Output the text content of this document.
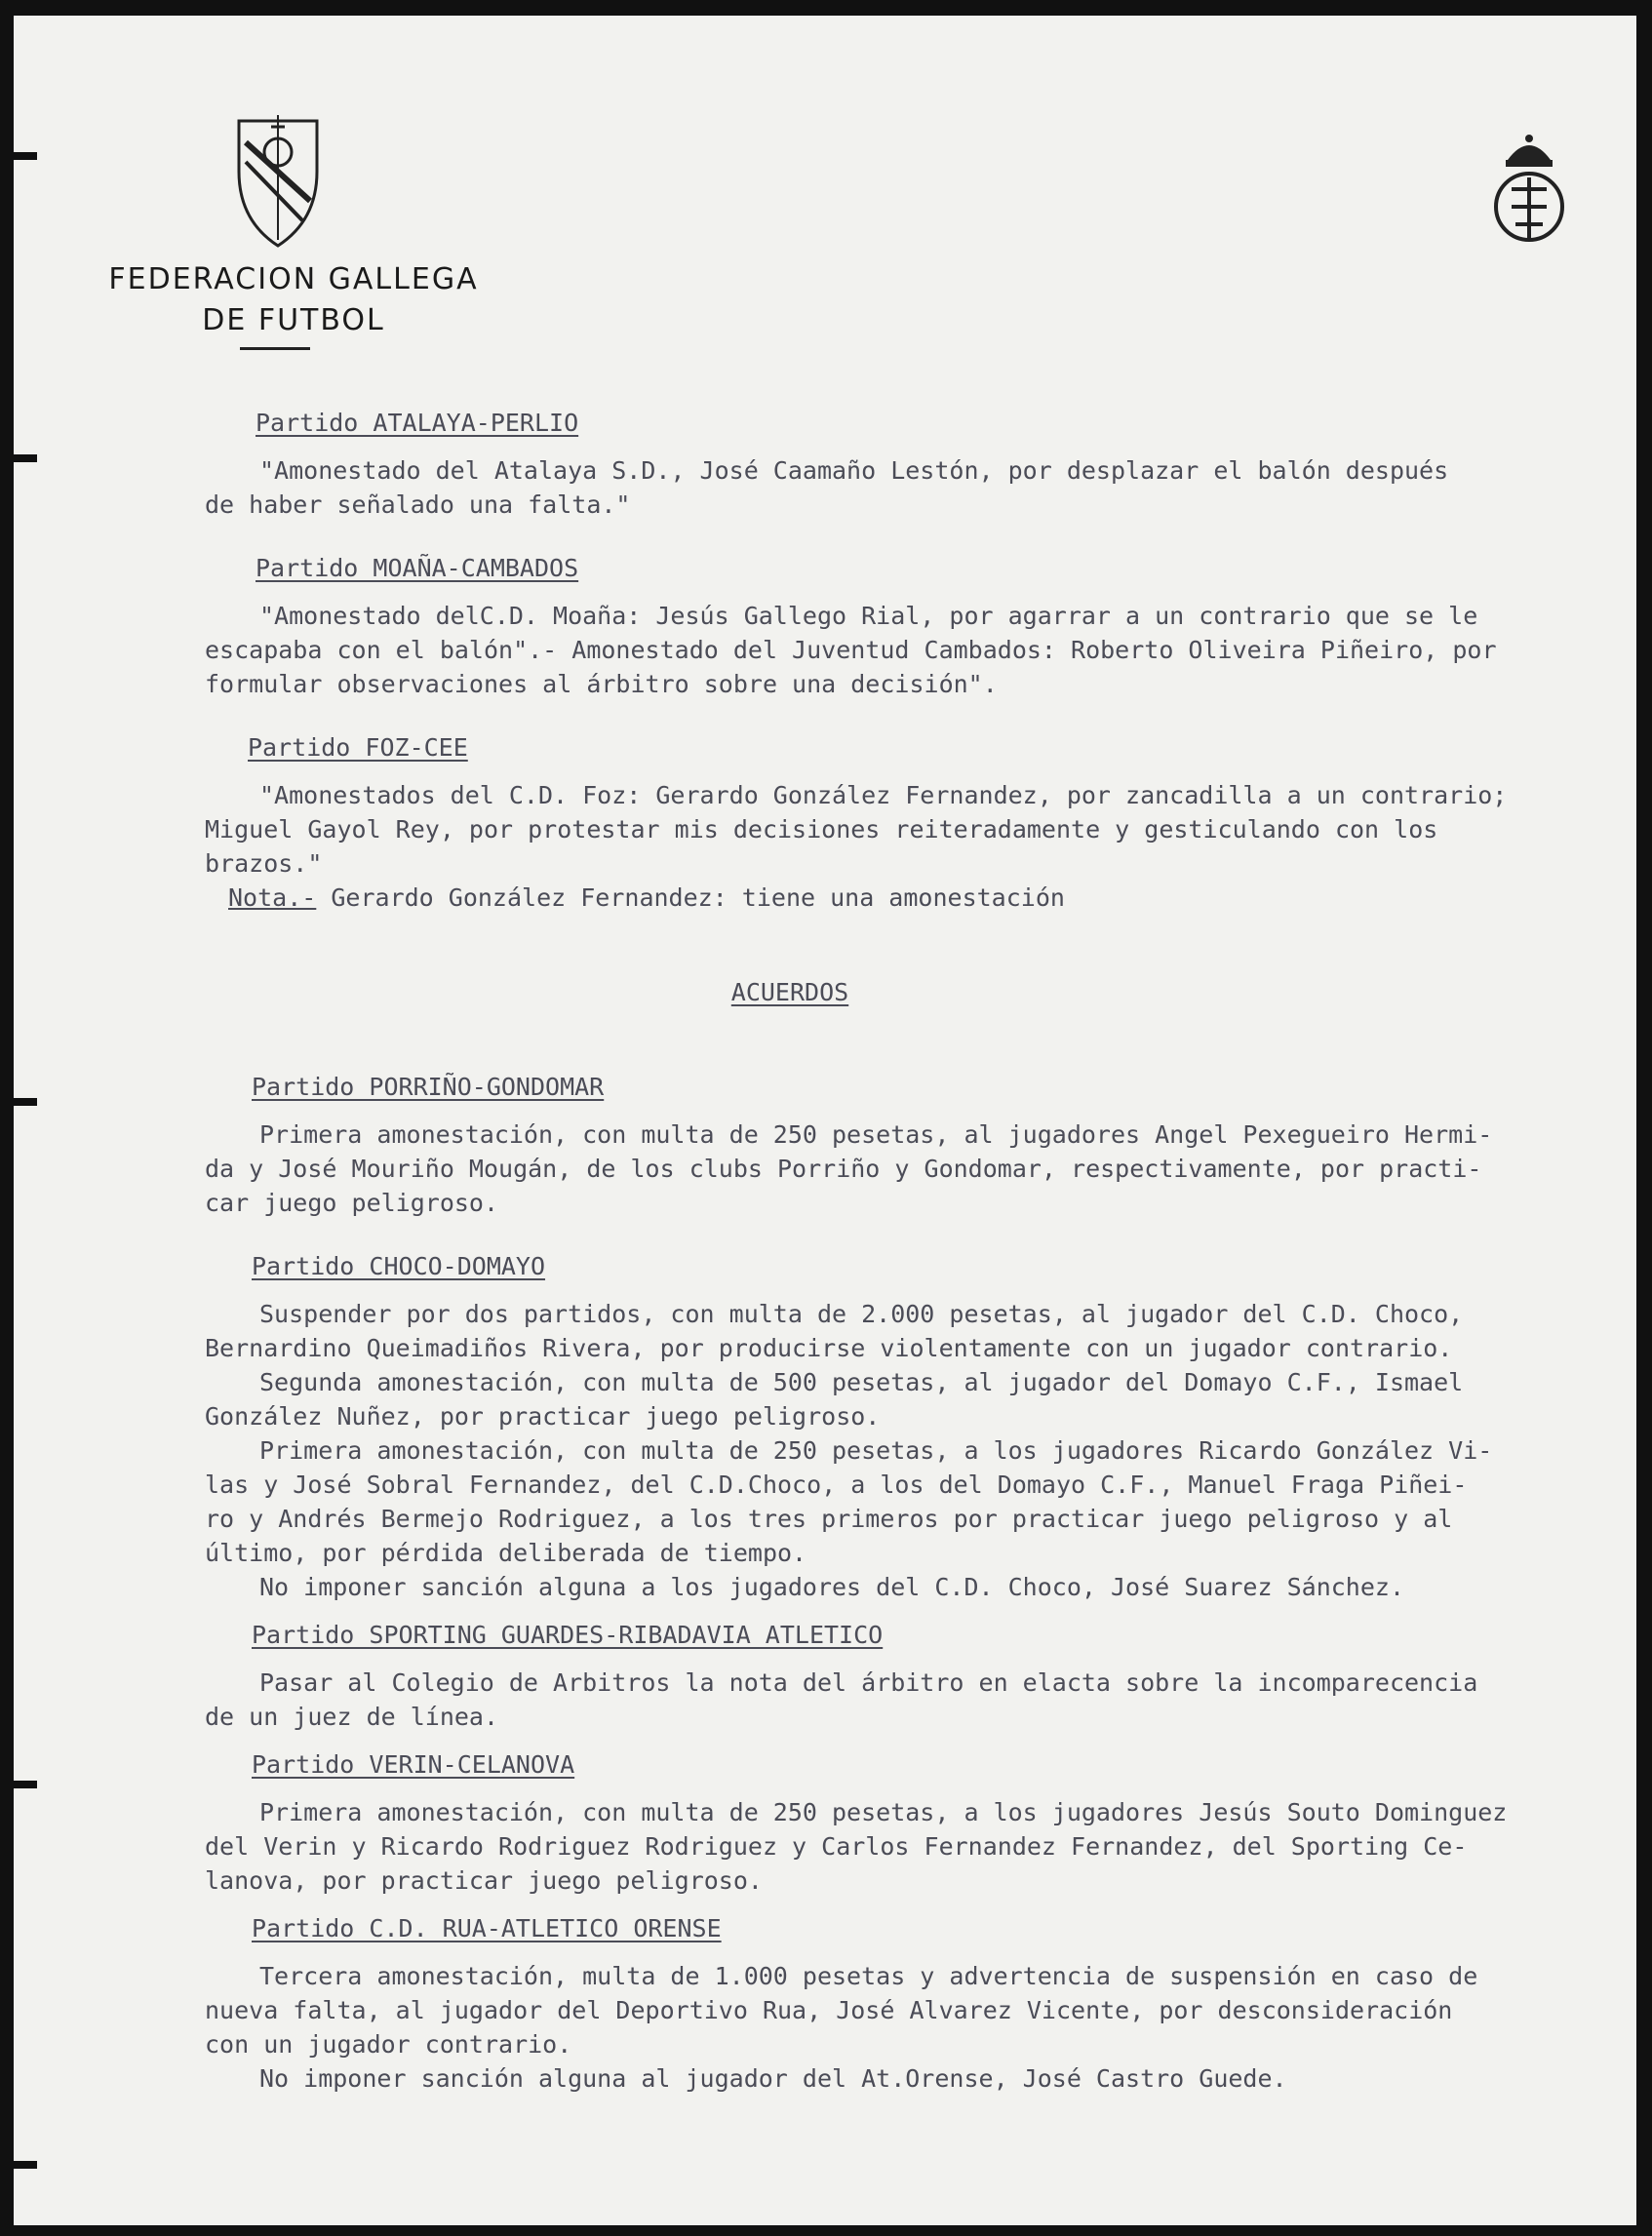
FEDERACION GALLEGA
DE FUTBOL

Partido ATALAYA-PERLIO

"Amonestado del Atalaya S.D., José Caamaño Lestón, por desplazar el balón después

de haber señalado una falta."

Partido MOAÑA-CAMBADOS

"Amonestado delC.D. Moaña: Jesús Gallego Rial, por agarrar a un contrario que se le

escapaba con el balón".- Amonestado del Juventud Cambados: Roberto Oliveira Piñeiro, por

formular observaciones al árbitro sobre una decisión".

Partido FOZ-CEE

"Amonestados del C.D. Foz: Gerardo González Fernandez, por zancadilla a un contrario;

Miguel Gayol Rey, por protestar mis decisiones reiteradamente y gesticulando con los

brazos."

Nota.- Gerardo González Fernandez: tiene una amonestación

ACUERDOS

Partido PORRIÑO-GONDOMAR

Primera amonestación, con multa de 250 pesetas, al jugadores Angel Pexegueiro Hermi-

da y José Mouriño Mougán, de los clubs Porriño y Gondomar, respectivamente, por practi-

car juego peligroso.

Partido CHOCO-DOMAYO

Suspender por dos partidos, con multa de 2.000 pesetas, al jugador del C.D. Choco,

Bernardino Queimadiños Rivera, por producirse violentamente con un jugador contrario.

Segunda amonestación, con multa de 500 pesetas, al jugador del Domayo C.F., Ismael

González Nuñez, por practicar juego peligroso.

Primera amonestación, con multa de 250 pesetas, a los jugadores Ricardo González Vi-

las y José Sobral Fernandez, del C.D.Choco, a los del Domayo C.F., Manuel Fraga Piñei-

ro y Andrés Bermejo Rodriguez, a los tres primeros por practicar juego peligroso y al

último, por pérdida deliberada de tiempo.

No imponer sanción alguna a los jugadores del C.D. Choco, José Suarez Sánchez.

Partido SPORTING GUARDES-RIBADAVIA ATLETICO

Pasar al Colegio de Arbitros la nota del árbitro en elacta sobre la incomparecencia

de un juez de línea.

Partido VERIN-CELANOVA

Primera amonestación, con multa de 250 pesetas, a los jugadores Jesús Souto Dominguez

del Verin y Ricardo Rodriguez Rodriguez y Carlos Fernandez Fernandez, del Sporting Ce-

lanova, por practicar juego peligroso.

Partido C.D. RUA-ATLETICO ORENSE

Tercera amonestación, multa de 1.000 pesetas y advertencia de suspensión en caso de

nueva falta, al jugador del Deportivo Rua, José Alvarez Vicente, por desconsideración

con un jugador contrario.

No imponer sanción alguna al jugador del At.Orense, José Castro Guede.
